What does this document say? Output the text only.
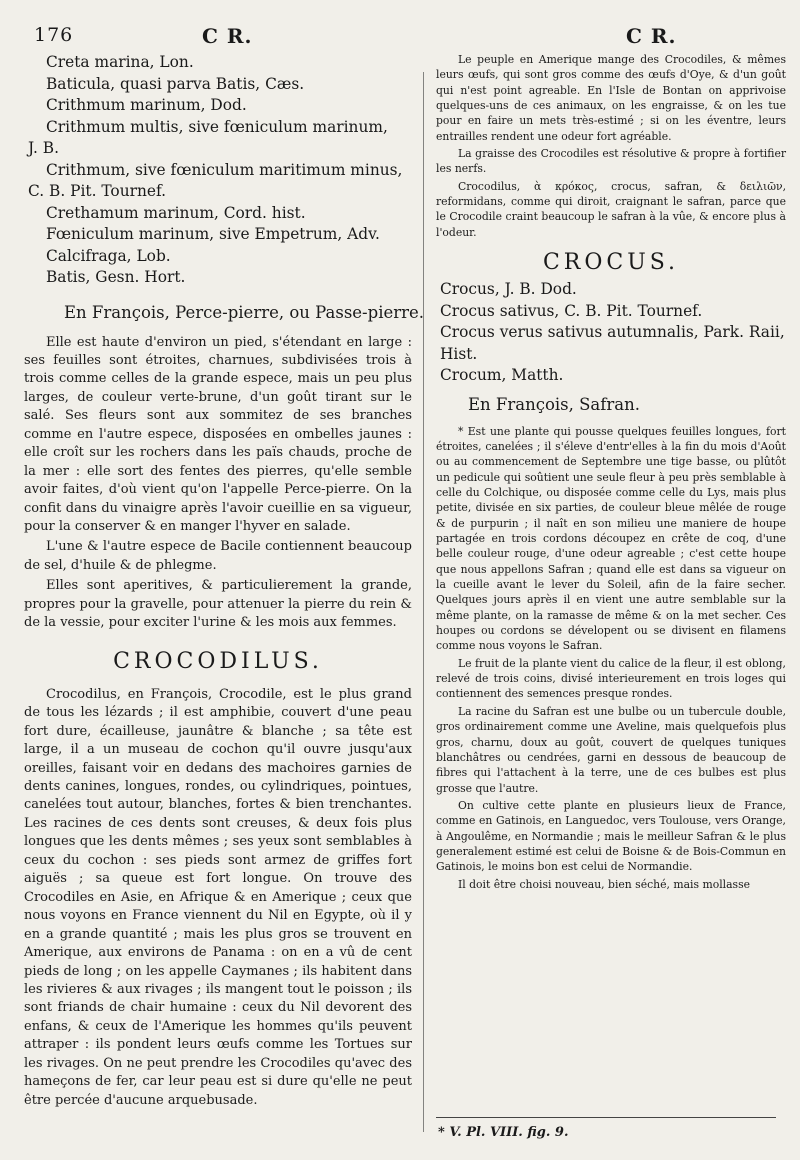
176	C R.

Creta marina, Lon.

Baticula, quasi parva Batis, Cæs.

Crithmum marinum, Dod.

Crithmum multis, sive fœniculum marinum,

J. B.

Crithmum, sive fœniculum maritimum minus,

C. B. Pit. Tournef.

Crethamum marinum, Cord. hist.

Fœniculum marinum, sive Empetrum, Adv.

Calcifraga, Lob.

Batis, Gesn. Hort.

En François, Perce-pierre, ou Passe-pierre.

Elle est haute d'environ un pied, s'étendant en large : ses feuilles sont étroites, charnues, subdivisées trois à trois comme celles de la grande espece, mais un peu plus larges, de couleur verte-brune, d'un goût tirant sur le salé. Ses fleurs sont aux sommitez de ses branches comme en l'autre espece, disposées en ombelles jaunes : elle croît sur les rochers dans les païs chauds, proche de la mer : elle sort des fentes des pierres, qu'elle semble avoir faites, d'où vient qu'on l'appelle Perce-pierre. On la confit dans du vinaigre après l'avoir cueillie en sa vigueur, pour la conserver & en manger l'hyver en salade.

L'une & l'autre espece de Bacile contiennent beaucoup de sel, d'huile & de phlegme.

Elles sont aperitives, & particulierement la grande, propres pour la gravelle, pour attenuer la pierre du rein & de la vessie, pour exciter l'urine & les mois aux femmes.

CROCODILUS.

Crocodilus, en François, Crocodile, est le plus grand de tous les lézards ; il est amphibie, couvert d'une peau fort dure, écailleuse, jaunâtre & blanche ; sa tête est large, il a un museau de cochon qu'il ouvre jusqu'aux oreilles, faisant voir en dedans des machoires garnies de dents canines, longues, rondes, ou cylindriques, pointues, canelées tout autour, blanches, fortes & bien trenchantes. Les racines de ces dents sont creuses, & deux fois plus longues que les dents mêmes ; ses yeux sont semblables à ceux du cochon : ses pieds sont armez de griffes fort aiguës ; sa queue est fort longue. On trouve des Crocodiles en Asie, en Afrique & en Amerique ; ceux que nous voyons en France viennent du Nil en Egypte, où il y en a grande quantité ; mais les plus gros se trouvent en Amerique, aux environs de Panama : on en a vû de cent pieds de long ; on les appelle Caymanes ; ils habitent dans les rivieres & aux rivages ; ils mangent tout le poisson ; ils sont friands de chair humaine : ceux du Nil devorent des enfans, & ceux de l'Amerique les hommes qu'ils peuvent attraper : ils pondent leurs œufs comme les Tortues sur les rivages. On ne peut prendre les Crocodiles qu'avec des hameçons de fer, car leur peau est si dure qu'elle ne peut être percée d'aucune arquebusade.

C R.

Le peuple en Amerique mange des Crocodiles, & mêmes leurs œufs, qui sont gros comme des œufs d'Oye, & d'un goût qui n'est point agreable. En l'Isle de Bontan on apprivoise quelques-uns de ces animaux, on les engraisse, & on les tue pour en faire un mets très-estimé ; si on les éventre, leurs entrailles rendent une odeur fort agréable.

La graisse des Crocodiles est résolutive & propre à fortifier les nerfs.

Crocodilus, ὰ κρόκος, crocus, safran, & δειλιῶν, reformidans, comme qui diroit, craignant le safran, parce que le Crocodile craint beaucoup le safran à la vûe, & encore plus à l'odeur.

CROCUS.

Crocus, J. B. Dod.

Crocus sativus, C. B. Pit. Tournef.

Crocus verus sativus autumnalis, Park. Raii,

Hist.

Crocum, Matth.

En François, Safran.

* Est une plante qui pousse quelques feuilles longues, fort étroites, canelées ; il s'éleve d'entr'elles à la fin du mois d'Août ou au commencement de Septembre une tige basse, ou plûtôt un pedicule qui soûtient une seule fleur à peu près semblable à celle du Colchique, ou disposée comme celle du Lys, mais plus petite, divisée en six parties, de couleur bleue mêlée de rouge & de purpurin ; il naît en son milieu une maniere de houpe partagée en trois cordons découpez en crête de coq, d'une belle couleur rouge, d'une odeur agreable ; c'est cette houpe que nous appellons Safran ; quand elle est dans sa vigueur on la cueille avant le lever du Soleil, afin de la faire secher. Quelques jours après il en vient une autre semblable sur la même plante, on la ramasse de même & on la met secher. Ces houpes ou cordons se dévelopent ou se divisent en filamens comme nous voyons le Safran.

Le fruit de la plante vient du calice de la fleur, il est oblong, relevé de trois coins, divisé interieurement en trois loges qui contiennent des semences presque rondes.

La racine du Safran est une bulbe ou un tubercule double, gros ordinairement comme une Aveline, mais quelquefois plus gros, charnu, doux au goût, couvert de quelques tuniques blanchâtres ou cendrées, garni en dessous de beaucoup de fibres qui l'attachent à la terre, une de ces bulbes est plus grosse que l'autre.

On cultive cette plante en plusieurs lieux de France, comme en Gatinois, en Languedoc, vers Toulouse, vers Orange, à Angoulême, en Normandie ; mais le meilleur Safran & le plus generalement estimé est celui de Boisne & de Bois-Commun en Gatinois, le moins bon est celui de Normandie.

Il doit être choisi nouveau, bien séché, mais mollasse

* V. Pl. VIII. fig. 9.
